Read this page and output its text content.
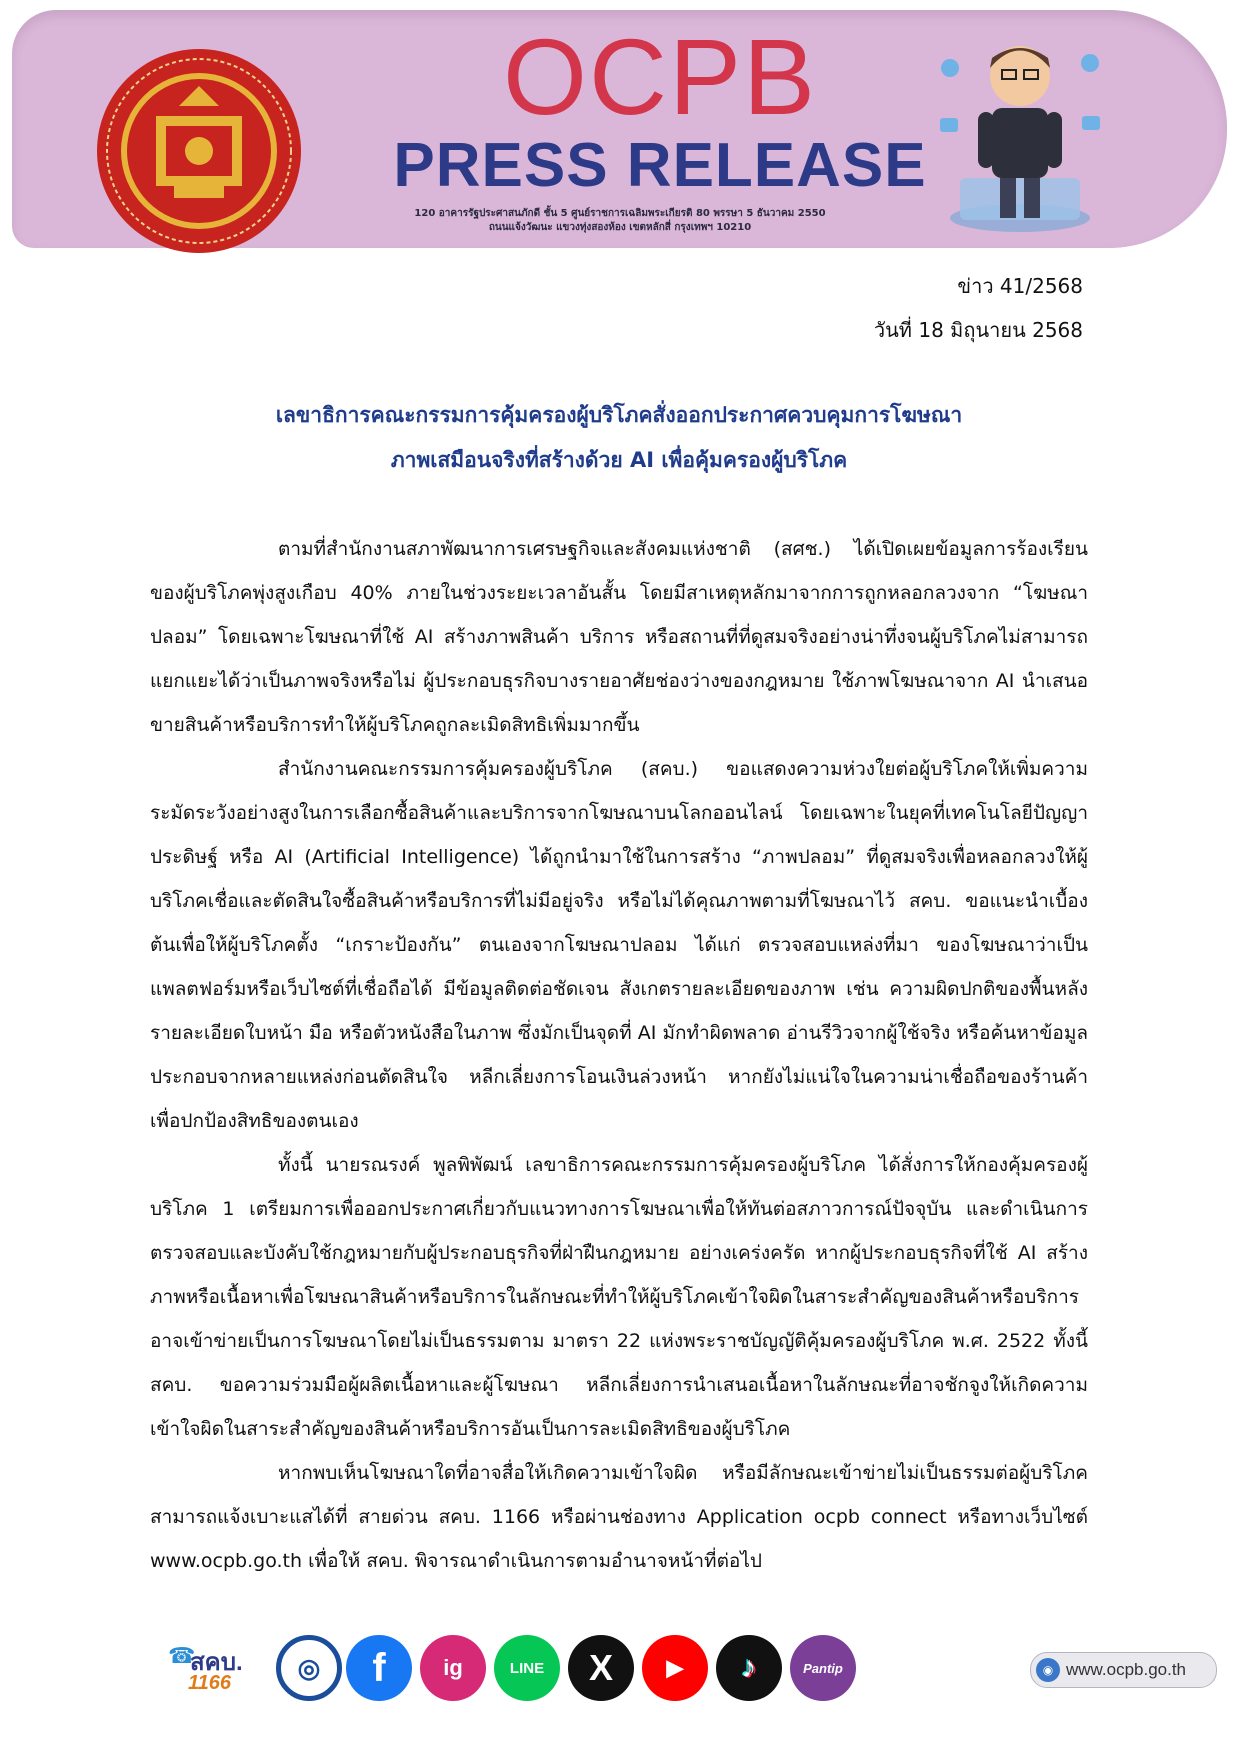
OCPB
PRESS RELEASE
120 อาคารรัฐประศาสนภักดี ชั้น 5 ศูนย์ราชการเฉลิมพระเกียรติ 80 พรรษา 5 ธันวาคม 2550
ถนนแจ้งวัฒนะ แขวงทุ่งสองห้อง เขตหลักสี่ กรุงเทพฯ 10210
ข่าว 41/2568
วันที่ 18 มิถุนายน 2568
เลขาธิการคณะกรรมการคุ้มครองผู้บริโภคสั่งออกประกาศควบคุมการโฆษณา
ภาพเสมือนจริงที่สร้างด้วย AI เพื่อคุ้มครองผู้บริโภค

ตามที่สำนักงานสภาพัฒนาการเศรษฐกิจและสังคมแห่งชาติ (สศช.) ได้เปิดเผยข้อมูลการร้องเรียนของผู้บริโภคพุ่งสูงเกือบ 40% ภายในช่วงระยะเวลาอันสั้น โดยมีสาเหตุหลักมาจากการถูกหลอกลวงจาก “โฆษณาปลอม” โดยเฉพาะโฆษณาที่ใช้ AI สร้างภาพสินค้า บริการ หรือสถานที่ที่ดูสมจริงอย่างน่าทึ่งจนผู้บริโภคไม่สามารถแยกแยะได้ว่าเป็นภาพจริงหรือไม่ ผู้ประกอบธุรกิจบางรายอาศัยช่องว่างของกฎหมาย ใช้ภาพโฆษณาจาก AI นำเสนอขายสินค้าหรือบริการทำให้ผู้บริโภคถูกละเมิดสิทธิเพิ่มมากขึ้น

สำนักงานคณะกรรมการคุ้มครองผู้บริโภค (สคบ.) ขอแสดงความห่วงใยต่อผู้บริโภคให้เพิ่มความระมัดระวังอย่างสูงในการเลือกซื้อสินค้าและบริการจากโฆษณาบนโลกออนไลน์ โดยเฉพาะในยุคที่เทคโนโลยีปัญญาประดิษฐ์ หรือ AI (Artificial Intelligence) ได้ถูกนำมาใช้ในการสร้าง “ภาพปลอม” ที่ดูสมจริงเพื่อหลอกลวงให้ผู้บริโภคเชื่อและตัดสินใจซื้อสินค้าหรือบริการที่ไม่มีอยู่จริง หรือไม่ได้คุณภาพตามที่โฆษณาไว้ สคบ. ขอแนะนำเบื้องต้นเพื่อให้ผู้บริโภคตั้ง “เกราะป้องกัน” ตนเองจากโฆษณาปลอม ได้แก่ ตรวจสอบแหล่งที่มา ของโฆษณาว่าเป็นแพลตฟอร์มหรือเว็บไซต์ที่เชื่อถือได้ มีข้อมูลติดต่อชัดเจน สังเกตรายละเอียดของภาพ เช่น ความผิดปกติของพื้นหลัง รายละเอียดใบหน้า มือ หรือตัวหนังสือในภาพ ซึ่งมักเป็นจุดที่ AI มักทำผิดพลาด อ่านรีวิวจากผู้ใช้จริง หรือค้นหาข้อมูลประกอบจากหลายแหล่งก่อนตัดสินใจ หลีกเลี่ยงการโอนเงินล่วงหน้า หากยังไม่แน่ใจในความน่าเชื่อถือของร้านค้า เพื่อปกป้องสิทธิของตนเอง

ทั้งนี้ นายรณรงค์ พูลพิพัฒน์ เลขาธิการคณะกรรมการคุ้มครองผู้บริโภค ได้สั่งการให้กองคุ้มครองผู้บริโภค 1 เตรียมการเพื่อออกประกาศเกี่ยวกับแนวทางการโฆษณาเพื่อให้ทันต่อสภาวการณ์ปัจจุบัน และดำเนินการตรวจสอบและบังคับใช้กฎหมายกับผู้ประกอบธุรกิจที่ฝ่าฝืนกฎหมาย อย่างเคร่งครัด หากผู้ประกอบธุรกิจที่ใช้ AI สร้างภาพหรือเนื้อหาเพื่อโฆษณาสินค้าหรือบริการในลักษณะที่ทำให้ผู้บริโภคเข้าใจผิดในสาระสำคัญของสินค้าหรือบริการ อาจเข้าข่ายเป็นการโฆษณาโดยไม่เป็นธรรมตาม มาตรา 22 แห่งพระราชบัญญัติคุ้มครองผู้บริโภค พ.ศ. 2522 ทั้งนี้ สคบ. ขอความร่วมมือผู้ผลิตเนื้อหาและผู้โฆษณา หลีกเลี่ยงการนำเสนอเนื้อหาในลักษณะที่อาจชักจูงให้เกิดความเข้าใจผิดในสาระสำคัญของสินค้าหรือบริการอันเป็นการละเมิดสิทธิของผู้บริโภค

หากพบเห็นโฆษณาใดที่อาจสื่อให้เกิดความเข้าใจผิด หรือมีลักษณะเข้าข่ายไม่เป็นธรรมต่อผู้บริโภค สามารถแจ้งเบาะแสได้ที่ สายด่วน สคบ. 1166 หรือผ่านช่องทาง Application ocpb connect หรือทางเว็บไซต์ www.ocpb.go.th เพื่อให้ สคบ. พิจารณาดำเนินการตามอำนาจหน้าที่ต่อไป

☎
สคบ.
1166
◎	f	ig	LINE	X	▶ ♪	Pantip	◉ www.ocpb.go.th
